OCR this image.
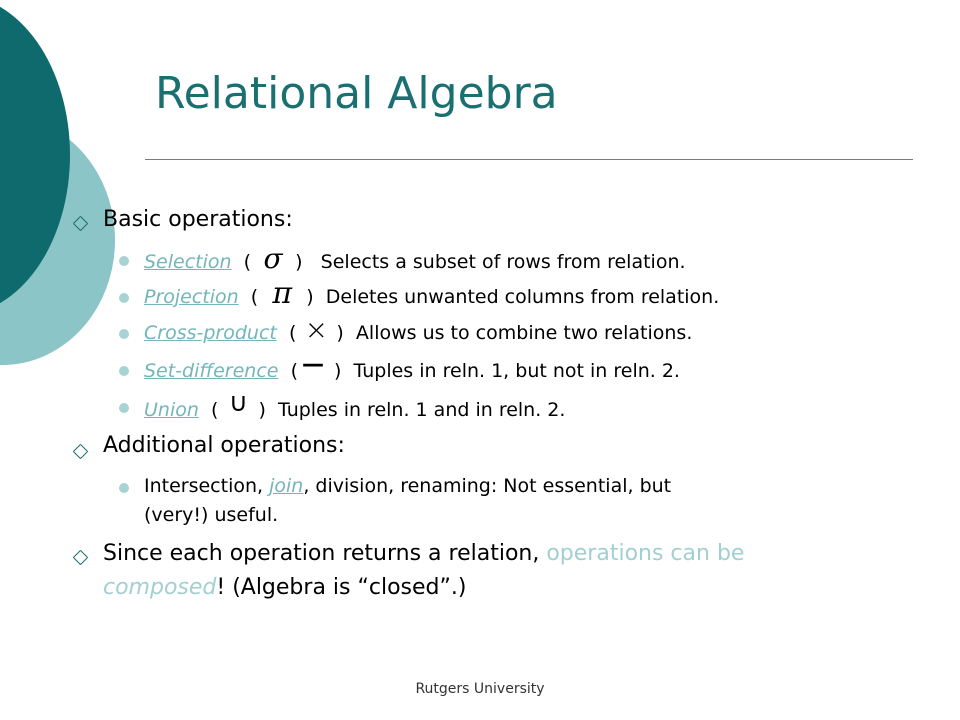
Relational Algebra
Basic operations:
Selection  ( σ )   Selects a subset of rows from relation.
Projection  ( π )  Deletes unwanted columns from relation.
Cross-product  ( × )  Allows us to combine two relations.
Set-difference  ( — )  Tuples in reln. 1, but not in reln. 2.
Union  ( ∪ )  Tuples in reln. 1 and in reln. 2.
Additional operations:
Intersection, join, division, renaming: Not essential, but
(very!) useful.
Since each operation returns a relation, operations can be
composed! (Algebra is “closed”.)
Rutgers University
